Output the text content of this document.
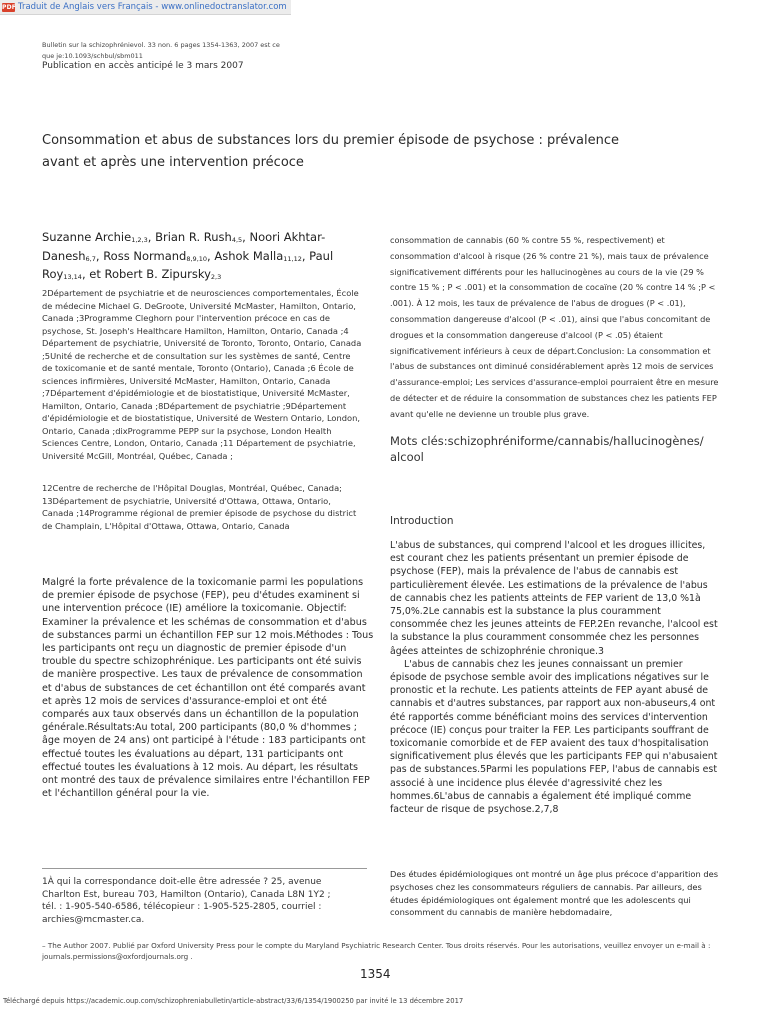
PDF Traduit de Anglais vers Français - www.onlinedoctranslator.com
Bulletin sur la schizophrénievol. 33 non. 6 pages 1354-1363, 2007 est ce
que je:10.1093/schbul/sbm011
Publication en accès anticipé le 3 mars 2007
Consommation et abus de substances lors du premier épisode de psychose : prévalence avant et après une intervention précoce
Suzanne Archie$_{1,2,3}$, Brian R. Rush$_{4,5}$, Noori Akhtar-Danesh$_{6,7}$, Ross Normand$_{8,9,10}$, Ashok Malla$_{11,12}$, Paul Roy$_{13,14}$, et Robert B. Zipursky$_{2,3}$
2Département de psychiatrie et de neurosciences comportementales, École de médecine Michael G. DeGroote, Université McMaster, Hamilton, Ontario, Canada ;3Programme Cleghorn pour l'intervention précoce en cas de psychose, St. Joseph's Healthcare Hamilton, Hamilton, Ontario, Canada ;4 Département de psychiatrie, Université de Toronto, Toronto, Ontario, Canada ;5Unité de recherche et de consultation sur les systèmes de santé, Centre de toxicomanie et de santé mentale, Toronto (Ontario), Canada ;6 École de sciences infirmières, Université McMaster, Hamilton, Ontario, Canada ;7Département d'épidémiologie et de biostatistique, Université McMaster, Hamilton, Ontario, Canada ;8Département de psychiatrie ;9Département d'épidémiologie et de biostatistique, Université de Western Ontario, London, Ontario, Canada ;dixProgramme PEPP sur la psychose, London Health Sciences Centre, London, Ontario, Canada ;11 Département de psychiatrie, Université McGill, Montréal, Québec, Canada ;
12Centre de recherche de l'Hôpital Douglas, Montréal, Québec, Canada; 13Département de psychiatrie, Université d'Ottawa, Ottawa, Ontario, Canada ;14Programme régional de premier épisode de psychose du district de Champlain, L'Hôpital d'Ottawa, Ottawa, Ontario, Canada
Malgré la forte prévalence de la toxicomanie parmi les populations de premier épisode de psychose (FEP), peu d'études examinent si une intervention précoce (IE) améliore la toxicomanie. Objectif: Examiner la prévalence et les schémas de consommation et d'abus de substances parmi un échantillon FEP sur 12 mois.Méthodes : Tous les participants ont reçu un diagnostic de premier épisode d'un trouble du spectre schizophrénique. Les participants ont été suivis de manière prospective. Les taux de prévalence de consommation et d'abus de substances de cet échantillon ont été comparés avant et après 12 mois de services d'assurance-emploi et ont été comparés aux taux observés dans un échantillon de la population générale.Résultats:Au total, 200 participants (80,0 % d'hommes ; âge moyen de 24 ans) ont participé à l'étude : 183 participants ont effectué toutes les évaluations au départ, 131 participants ont effectué toutes les évaluations à 12 mois. Au départ, les résultats ont montré des taux de prévalence similaires entre l'échantillon FEP et l'échantillon général pour la vie.
1À qui la correspondance doit-elle être adressée ? 25, avenue Charlton Est, bureau 703, Hamilton (Ontario), Canada L8N 1Y2 ; tél. : 1-905-540-6586, télécopieur : 1-905-525-2805, courriel : archies@mcmaster.ca.
consommation de cannabis (60 % contre 55 %, respectivement) et consommation d'alcool à risque (26 % contre 21 %), mais taux de prévalence significativement différents pour les hallucinogènes au cours de la vie (29 % contre 15 % ; P < .001) et la consommation de cocaïne (20 % contre 14 % ;P < .001). À 12 mois, les taux de prévalence de l'abus de drogues (P < .01), consommation dangereuse d'alcool (P < .01), ainsi que l'abus concomitant de drogues et la consommation dangereuse d'alcool (P < .05) étaient significativement inférieurs à ceux de départ.Conclusion: La consommation et l'abus de substances ont diminué considérablement après 12 mois de services d'assurance-emploi; Les services d'assurance-emploi pourraient être en mesure de détecter et de réduire la consommation de substances chez les patients FEP avant qu'elle ne devienne un trouble plus grave.
Mots clés:schizophréniforme/cannabis/hallucinogènes/ alcool
Introduction

L'abus de substances, qui comprend l'alcool et les drogues illicites, est courant chez les patients présentant un premier épisode de psychose (FEP), mais la prévalence de l'abus de cannabis est particulièrement élevée. Les estimations de la prévalence de l'abus de cannabis chez les patients atteints de FEP varient de 13,0 %1à 75,0%.2Le cannabis est la substance la plus couramment consommée chez les jeunes atteints de FEP.2En revanche, l'alcool est la substance la plus couramment consommée chez les personnes âgées atteintes de schizophrénie chronique.3

L'abus de cannabis chez les jeunes connaissant un premier épisode de psychose semble avoir des implications négatives sur le pronostic et la rechute. Les patients atteints de FEP ayant abusé de cannabis et d'autres substances, par rapport aux non-abuseurs,4 ont été rapportés comme bénéficiant moins des services d'intervention précoce (IE) conçus pour traiter la FEP. Les participants souffrant de toxicomanie comorbide et de FEP avaient des taux d'hospitalisation significativement plus élevés que les participants FEP qui n'abusaient pas de substances.5Parmi les populations FEP, l'abus de cannabis est associé à une incidence plus élevée d'agressivité chez les hommes.6L'abus de cannabis a également été impliqué comme facteur de risque de psychose.2,7,8

Des études épidémiologiques ont montré un âge plus précoce d'apparition des psychoses chez les consommateurs réguliers de cannabis. Par ailleurs, des études épidémiologiques ont également montré que les adolescents qui consomment du cannabis de manière hebdomadaire,
– The Author 2007. Publié par Oxford University Press pour le compte du Maryland Psychiatric Research Center. Tous droits réservés. Pour les autorisations, veuillez envoyer un e-mail à : journals.permissions@oxfordjournals.org .
1354
Téléchargé depuis https://academic.oup.com/schizophreniabulletin/article-abstract/33/6/1354/1900250 par invité le 13 décembre 2017
